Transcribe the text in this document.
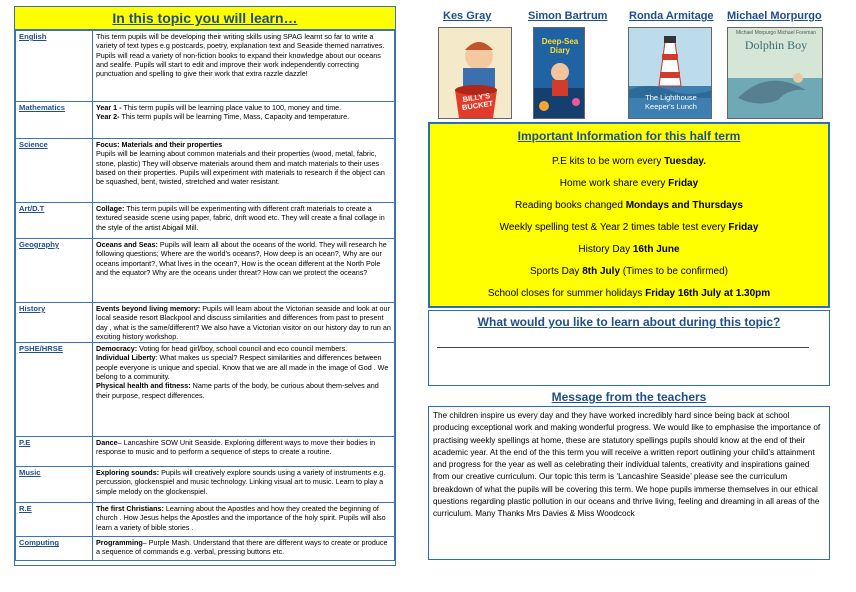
In this topic you will learn…
English	This term pupils will be developing their writing skills using SPAG learnt so far to write a variety of text types e.g postcards, poetry, explanation text and Seaside themed narratives. Pupils will read a variety of non-fiction books to expand their knowledge about our oceans and sealife. Pupils will start to edit and improve their work independently correcting punctuation and spelling to give their work that extra razzle dazzle!

Mathematics	Year 1 - This term pupils will be learning place value to 100, money and time.

Year 2- This term pupils will be learning Time, Mass, Capacity and temperature.

Science	Focus: Materials and their properties

Pupils will be learning about common materials and their properties (wood, metal, fabric, stone, plastic) They will observe materials around them and match materials to their uses based on their properties. Pupils will experiment with materials to research if the object can be squashed, bent, twisted, stretched and water resistant.

Art/D.T	Collage: This term pupils will be experimenting with different craft materials to create a textured seaside scene using paper, fabric, drift wood etc. They will create a final collage in the style of the artist Abigail Mill.

Geography	Oceans and Seas: Pupils will learn all about the oceans of the world. They will research he following questions; Where are the world’s oceans?, How deep is an ocean?, Why are our oceans important?, What lives in the ocean?, How is the ocean different at the North Pole and the equator? Why are the oceans under threat? How can we protect the oceans?

History	Events beyond living memory: Pupils will learn about the Victorian seaside and look at our local seaside resort Blackpool and discuss similarities and differences from past to present day , what is the same/different? We also have a Victorian visitor on our history day to run an exciting history workshop.

PSHE/HRSE	Democracy: Voting for head girl/boy, school council and eco council members.

Individual Liberty: What makes us special? Respect similarities and differences between people everyone is unique and special. Know that we are all made in the image of God . We belong to a community.

Physical health and fitness: Name parts of the body, be curious about them-selves and their purpose, respect differences.

P.E	Dance– Lancashire SOW Unit Seaside. Exploring different ways to move their bodies in response to music and to perform a sequence of steps to create a routine.

Music	Exploring sounds: Pupils will creatively explore sounds using a variety of instruments e.g. percussion, glockenspiel and music technology. Linking visual art to music. Learn to play a simple melody on the glockenspiel.

R.E	The first Christians: Learning about the Apostles and how they created the beginning of church . How Jesus helps the Apostles and the importance of the holy spirit. Pupils will also learn a variety of bible stories .

Computing	Programming– Purple Mash. Understand that there are different ways to create or produce a sequence of commands e.g. verbal, pressing buttons etc.

Kes Gray	Simon Bartrum Ronda Armitage Michael Morpurgo
BILLY'S BUCKET
Deep-Sea Diary
The Lighthouse Keeper's Lunch
Michael Morpurgo Michael Foreman
Dolphin Boy
Important Information for this half term
P.E kits to be worn every Tuesday.
Home work share every Friday
Reading books changed Mondays and Thursdays
Weekly spelling test & Year 2 times table test every Friday
History Day 16th June
Sports Day 8th July (Times to be confirmed)
School closes for summer holidays Friday 16th July at 1.30pm
What would you like to learn about during this topic?
Message from the teachers
The children inspire us every day and they have worked incredibly hard since being back at school producing exceptional work and making wonderful progress. We would like to emphasise the importance of practising weekly spellings at home, these are statutory spellings pupils should know at the end of their academic year. At the end of the this term you will receive a written report outlining your child’s attainment and progress for the year as well as celebrating their individual talents, creativity and inspirations gained from our creative curriculum. Our topic this term is ‘Lancashire Seaside’ please see the curriculum breakdown of what the pupils will be covering this term. We hope pupils immerse themselves in our ethical questions regarding plastic pollution in our oceans and thrive living, feeling and dreaming in all areas of the curriculum. Many Thanks Mrs Davies & Miss Woodcock
